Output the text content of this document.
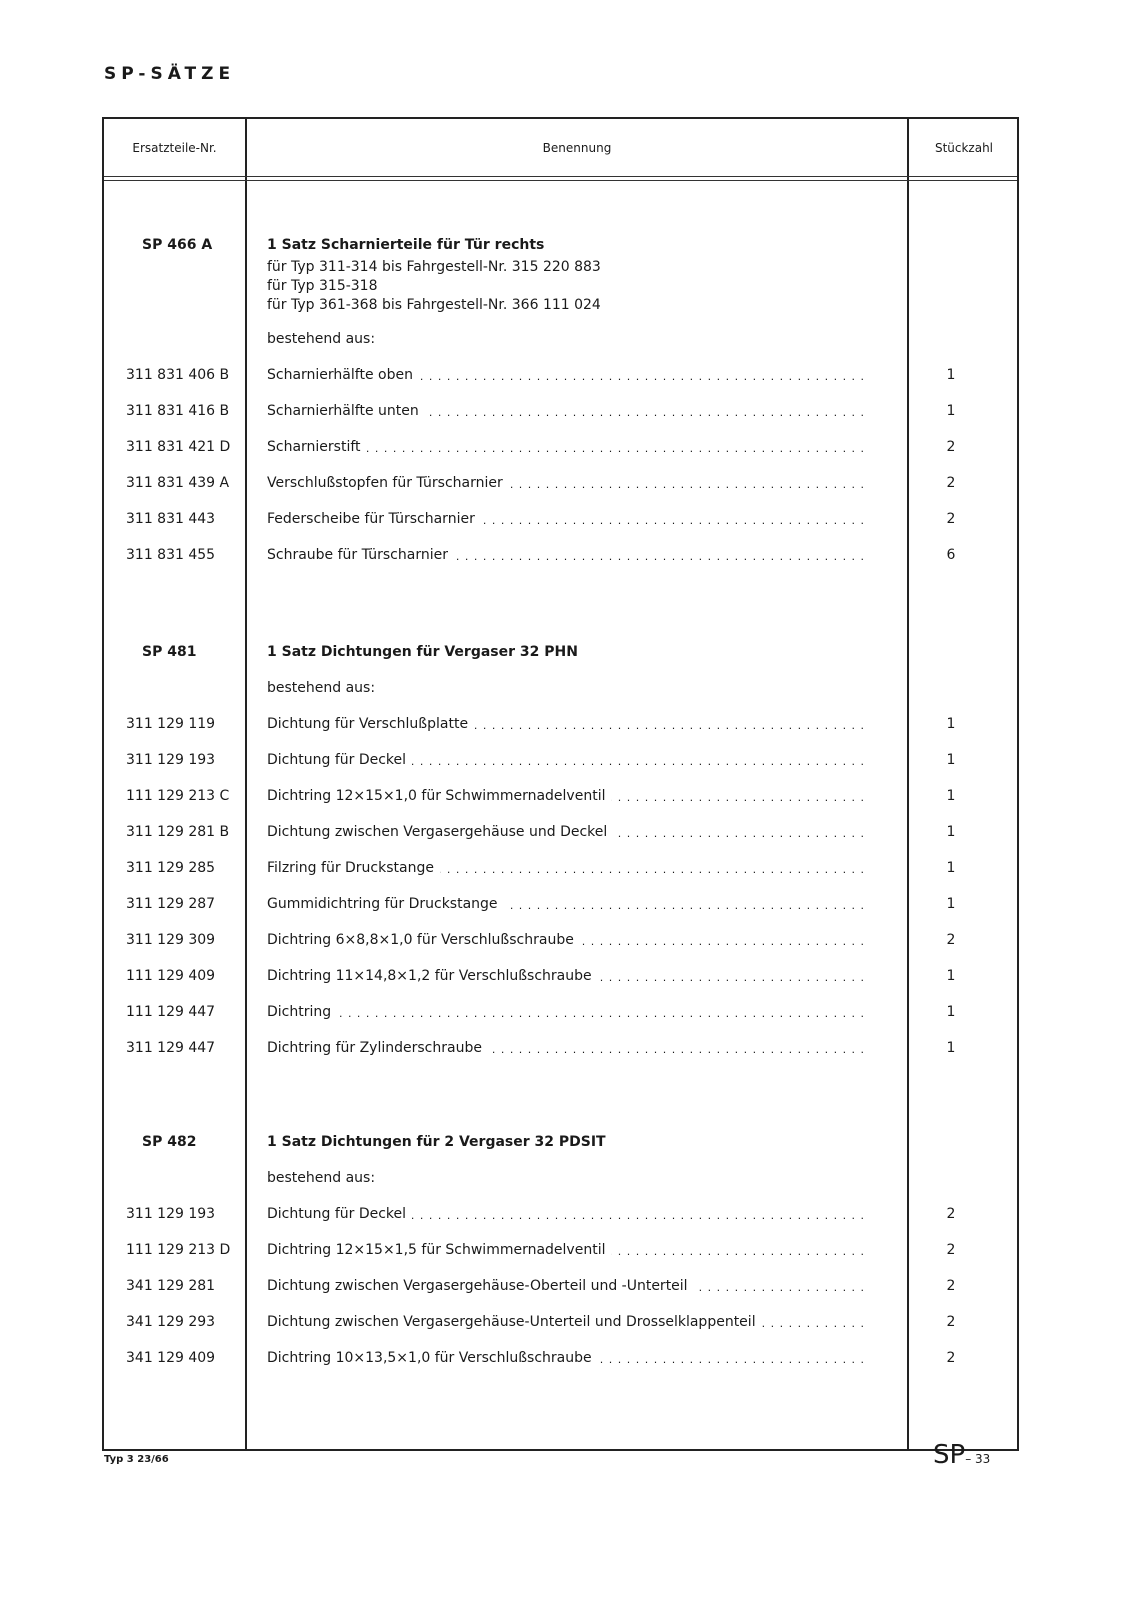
SP-SÄTZE
Ersatzteile-Nr.	Benennung	Stückzahl
SP 466 A	1 Satz Scharnierteile für Tür rechts
für Typ 311-314 bis Fahrgestell-Nr. 315 220 883
für Typ 315-318
für Typ 361-368 bis Fahrgestell-Nr. 366 111 024
bestehend aus:
311 831 406 B	Scharnierhälfte oben . . .	1
311 831 416 B	Scharnierhälfte unten . . .	1
311 831 421 D	Scharnierstift . . .	2
311 831 439 A	Verschlußstopfen für Türscharnier . . .	2
311 831 443	Federscheibe für Türscharnier . . .	2
311 831 455	Schraube für Türscharnier . . .	6
SP 481	1 Satz Dichtungen für Vergaser 32 PHN
bestehend aus:
311 129 119	Dichtung für Verschlußplatte . . .	1
311 129 193	Dichtung für Deckel . . .	1
111 129 213 C	Dichtring 12×15×1,0 für Schwimmernadelventil . . .	1
311 129 281 B	Dichtung zwischen Vergasergehäuse und Deckel . . .	1
311 129 285	Filzring für Druckstange . . .	1
311 129 287	Gummidichtring für Druckstange . . .	1
311 129 309	Dichtring 6×8,8×1,0 für Verschlußschraube . . .	2
111 129 409	Dichtring 11×14,8×1,2 für Verschlußschraube . . .	1
111 129 447	Dichtring . . .	1
311 129 447	Dichtring für Zylinderschraube . . .	1
SP 482	1 Satz Dichtungen für 2 Vergaser 32 PDSIT
bestehend aus:
311 129 193	Dichtung für Deckel . . .	2
111 129 213 D	Dichtring 12×15×1,5 für Schwimmernadelventil . . .	2
341 129 281	Dichtung zwischen Vergasergehäuse-Oberteil und -Unterteil . . .	2
341 129 293	Dichtung zwischen Vergasergehäuse-Unterteil und Drosselklappenteil . . .	2
341 129 409	Dichtring 10×13,5×1,0 für Verschlußschraube . . .	2
Typ 3 23/66	SP– 33
